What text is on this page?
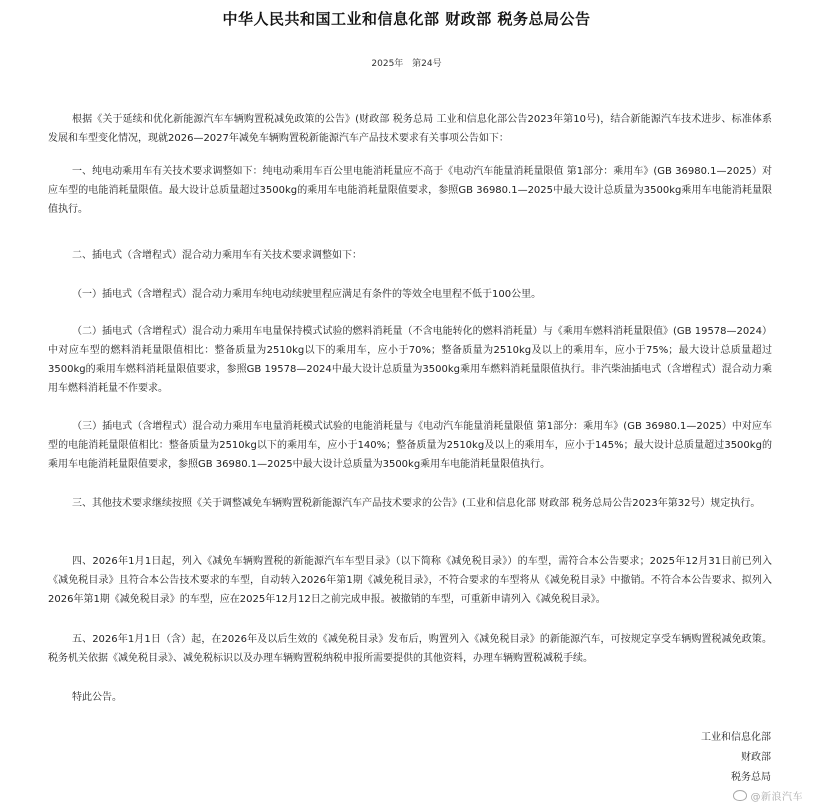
中华人民共和国工业和信息化部 财政部 税务总局公告
2025年 第24号

根据《关于延续和优化新能源汽车车辆购置税减免政策的公告》(财政部 税务总局 工业和信息化部公告2023年第10号)，结合新能源汽车技术进步、标准体系发展和车型变化情况，现就2026—2027年减免车辆购置税新能源汽车产品技术要求有关事项公告如下：

一、纯电动乘用车有关技术要求调整如下：纯电动乘用车百公里电能消耗量应不高于《电动汽车能量消耗量限值 第1部分：乘用车》(GB 36980.1—2025）对应车型的电能消耗量限值。最大设计总质量超过3500kg的乘用车电能消耗量限值要求，参照GB 36980.1—2025中最大设计总质量为3500kg乘用车电能消耗量限值执行。

二、插电式（含增程式）混合动力乘用车有关技术要求调整如下：

（一）插电式（含增程式）混合动力乘用车纯电动续驶里程应满足有条件的等效全电里程不低于100公里。

（二）插电式（含增程式）混合动力乘用车电量保持模式试验的燃料消耗量（不含电能转化的燃料消耗量）与《乘用车燃料消耗量限值》(GB 19578—2024）中对应车型的燃料消耗量限值相比：整备质量为2510kg以下的乘用车，应小于70%；整备质量为2510kg及以上的乘用车，应小于75%；最大设计总质量超过3500kg的乘用车燃料消耗量限值要求，参照GB 19578—2024中最大设计总质量为3500kg乘用车燃料消耗量限值执行。非汽柴油插电式（含增程式）混合动力乘用车燃料消耗量不作要求。

（三）插电式（含增程式）混合动力乘用车电量消耗模式试验的电能消耗量与《电动汽车能量消耗量限值 第1部分：乘用车》(GB 36980.1—2025）中对应车型的电能消耗量限值相比：整备质量为2510kg以下的乘用车，应小于140%；整备质量为2510kg及以上的乘用车，应小于145%；最大设计总质量超过3500kg的乘用车电能消耗量限值要求，参照GB 36980.1—2025中最大设计总质量为3500kg乘用车电能消耗量限值执行。

三、其他技术要求继续按照《关于调整减免车辆购置税新能源汽车产品技术要求的公告》(工业和信息化部 财政部 税务总局公告2023年第32号）规定执行。

四、2026年1月1日起，列入《减免车辆购置税的新能源汽车车型目录》（以下简称《减免税目录》）的车型，需符合本公告要求；2025年12月31日前已列入《减免税目录》且符合本公告技术要求的车型，自动转入2026年第1期《减免税目录》，不符合要求的车型将从《减免税目录》中撤销。不符合本公告要求、拟列入2026年第1期《减免税目录》的车型，应在2025年12月12日之前完成申报。被撤销的车型，可重新申请列入《减免税目录》。

五、2026年1月1日（含）起，在2026年及以后生效的《减免税目录》发布后，购置列入《减免税目录》的新能源汽车，可按规定享受车辆购置税减免政策。税务机关依据《减免税目录》、减免税标识以及办理车辆购置税纳税申报所需要提供的其他资料，办理车辆购置税减税手续。

特此公告。

工业和信息化部
财政部
税务总局
@新浪汽车
